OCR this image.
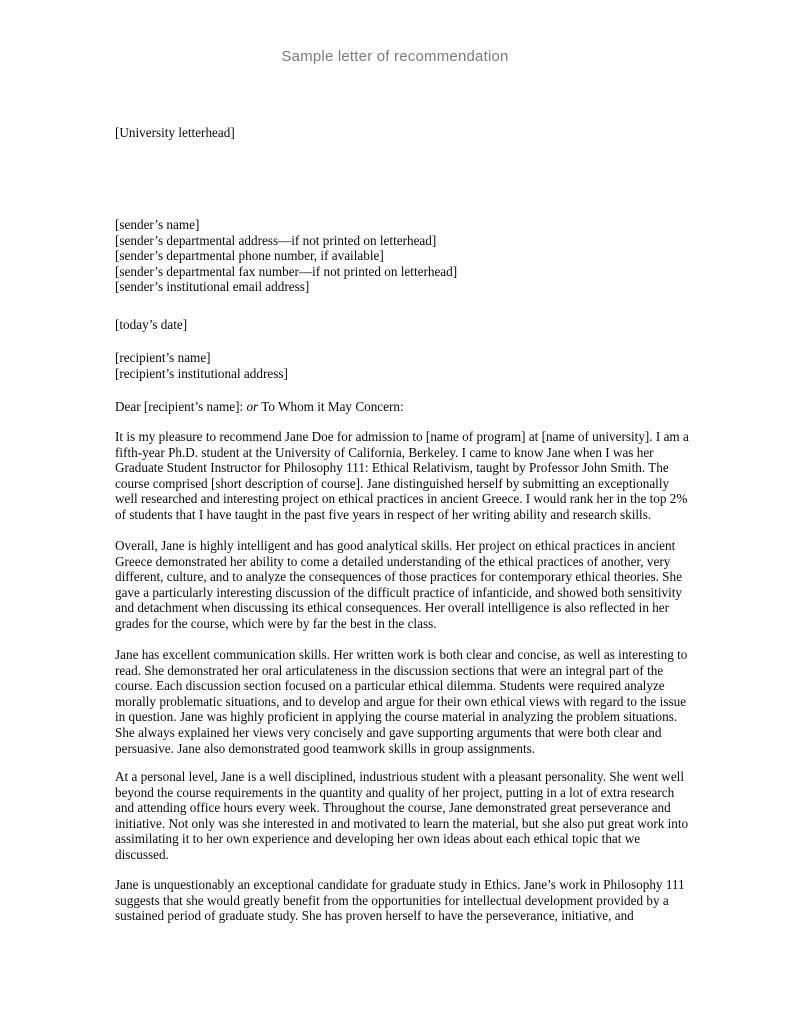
Sample letter of recommendation
[University letterhead]
[sender’s name]
[sender’s departmental address—if not printed on letterhead]
[sender’s departmental phone number, if available]
[sender’s departmental fax number—if not printed on letterhead]
[sender’s institutional email address]
[today’s date]
[recipient’s name]
[recipient’s institutional address]
Dear [recipient’s name]: or To Whom it May Concern:
It is my pleasure to recommend Jane Doe for admission to [name of program] at [name of university]. I am a fifth-year Ph.D. student at the University of California, Berkeley. I came to know Jane when I was her Graduate Student Instructor for Philosophy 111: Ethical Relativism, taught by Professor John Smith. The course comprised [short description of course]. Jane distinguished herself by submitting an exceptionally well researched and interesting project on ethical practices in ancient Greece. I would rank her in the top 2% of students that I have taught in the past five years in respect of her writing ability and research skills.
Overall, Jane is highly intelligent and has good analytical skills. Her project on ethical practices in ancient Greece demonstrated her ability to come a detailed understanding of the ethical practices of another, very different, culture, and to analyze the consequences of those practices for contemporary ethical theories. She gave a particularly interesting discussion of the difficult practice of infanticide, and showed both sensitivity and detachment when discussing its ethical consequences. Her overall intelligence is also reflected in her grades for the course, which were by far the best in the class.
Jane has excellent communication skills. Her written work is both clear and concise, as well as interesting to read. She demonstrated her oral articulateness in the discussion sections that were an integral part of the course. Each discussion section focused on a particular ethical dilemma. Students were required analyze morally problematic situations, and to develop and argue for their own ethical views with regard to the issue in question. Jane was highly proficient in applying the course material in analyzing the problem situations. She always explained her views very concisely and gave supporting arguments that were both clear and persuasive. Jane also demonstrated good teamwork skills in group assignments.
At a personal level, Jane is a well disciplined, industrious student with a pleasant personality. She went well beyond the course requirements in the quantity and quality of her project, putting in a lot of extra research and attending office hours every week. Throughout the course, Jane demonstrated great perseverance and initiative. Not only was she interested in and motivated to learn the material, but she also put great work into assimilating it to her own experience and developing her own ideas about each ethical topic that we discussed.
Jane is unquestionably an exceptional candidate for graduate study in Ethics. Jane’s work in Philosophy 111 suggests that she would greatly benefit from the opportunities for intellectual development provided by a sustained period of graduate study. She has proven herself to have the perseverance, initiative, and
